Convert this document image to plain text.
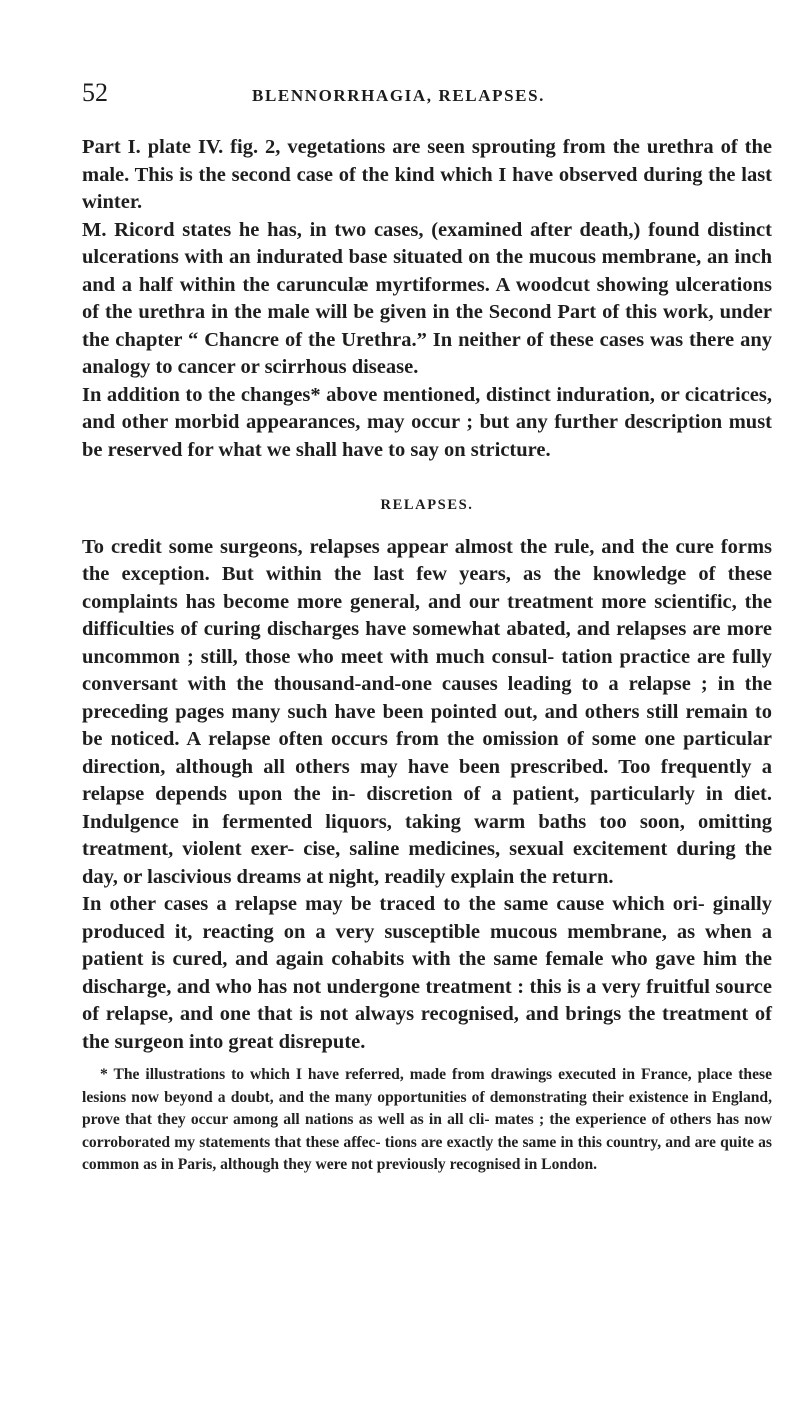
52	BLENNORRHAGIA, RELAPSES.

Part I. plate IV. fig. 2, vegetations are seen sprouting from the urethra of the male. This is the second case of the kind which I have observed during the last winter.

M. Ricord states he has, in two cases, (examined after death,) found distinct ulcerations with an indurated base situated on the mucous membrane, an inch and a half within the carunculæ myrtiformes. A woodcut showing ulcerations of the urethra in the male will be given in the Second Part of this work, under the chapter “ Chancre of the Urethra.” In neither of these cases was there any analogy to cancer or scirrhous disease.

In addition to the changes* above mentioned, distinct induration, or cicatrices, and other morbid appearances, may occur ; but any further description must be reserved for what we shall have to say on stricture.

RELAPSES.

To credit some surgeons, relapses appear almost the rule, and the cure forms the exception. But within the last few years, as the knowledge of these complaints has become more general, and our treatment more scientific, the difficulties of curing discharges have somewhat abated, and relapses are more uncommon ; still, those who meet with much consul- tation practice are fully conversant with the thousand-and-one causes leading to a relapse ; in the preceding pages many such have been pointed out, and others still remain to be noticed. A relapse often occurs from the omission of some one particular direction, although all others may have been prescribed. Too frequently a relapse depends upon the in- discretion of a patient, particularly in diet. Indulgence in fermented liquors, taking warm baths too soon, omitting treatment, violent exer- cise, saline medicines, sexual excitement during the day, or lascivious dreams at night, readily explain the return.

In other cases a relapse may be traced to the same cause which ori- ginally produced it, reacting on a very susceptible mucous membrane, as when a patient is cured, and again cohabits with the same female who gave him the discharge, and who has not undergone treatment : this is a very fruitful source of relapse, and one that is not always recognised, and brings the treatment of the surgeon into great disrepute.

* The illustrations to which I have referred, made from drawings executed in France, place these lesions now beyond a doubt, and the many opportunities of demonstrating their existence in England, prove that they occur among all nations as well as in all cli- mates ; the experience of others has now corroborated my statements that these affec- tions are exactly the same in this country, and are quite as common as in Paris, although they were not previously recognised in London.
